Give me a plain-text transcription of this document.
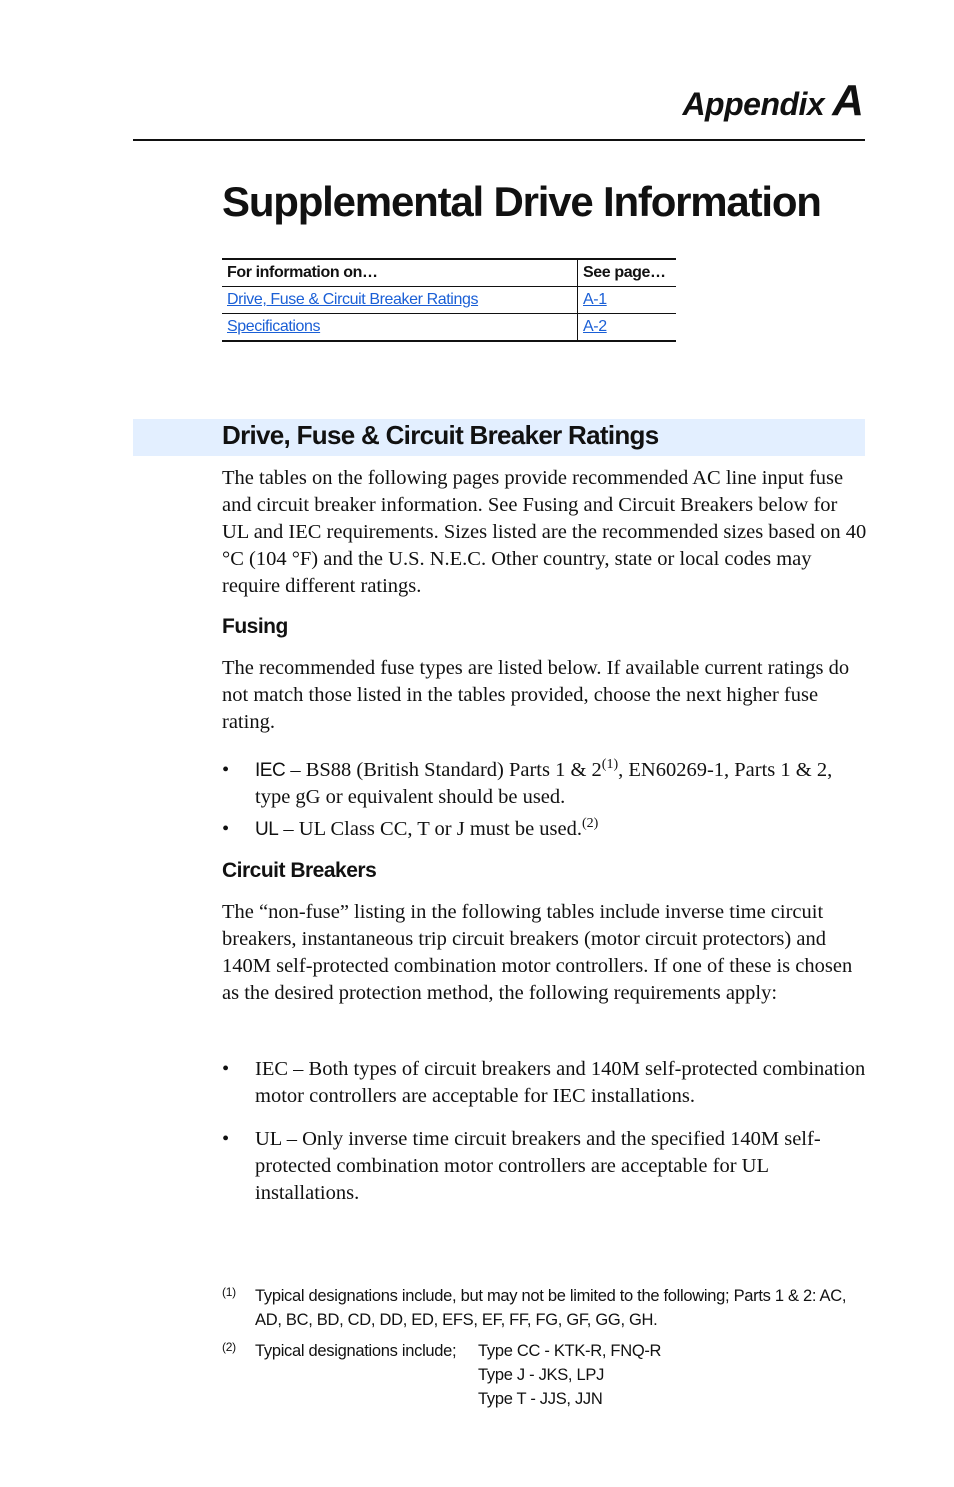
Appendix A
Supplemental Drive Information
For information on…	See page…
Drive, Fuse & Circuit Breaker Ratings	A-1
Specifications	A-2
Drive, Fuse & Circuit Breaker Ratings

The tables on the following pages provide recommended AC line input fuse and circuit breaker information. See Fusing and Circuit Breakers below for UL and IEC requirements. Sizes listed are the recommended sizes based on 40 °C (104 °F) and the U.S. N.E.C. Other country, state or local codes may require different ratings.

Fusing

The recommended fuse types are listed below. If available current ratings do not match those listed in the tables provided, choose the next higher fuse rating.

•	IEC – BS88 (British Standard) Parts 1 & 2$^{(1)}$, EN60269-1, Parts 1 & 2, type gG or equivalent should be used.
•	UL – UL Class CC, T or J must be used.$^{(2)}$
Circuit Breakers

The “non-fuse” listing in the following tables include inverse time circuit breakers, instantaneous trip circuit breakers (motor circuit protectors) and 140M self-protected combination motor controllers. If one of these is chosen as the desired protection method, the following requirements apply:

•	IEC – Both types of circuit breakers and 140M self-protected combination motor controllers are acceptable for IEC installations.
•	UL – Only inverse time circuit breakers and the specified 140M self-protected combination motor controllers are acceptable for UL installations.
(1) Typical designations include, but may not be limited to the following; Parts 1 & 2: AC, AD, BC, BD, CD, DD, ED, EFS, EF, FF, FG, GF, GG, GH.
(2) Typical designations include;	Type CC - KTK-R, FNQ-R
Type J - JKS, LPJ
Type T - JJS, JJN
